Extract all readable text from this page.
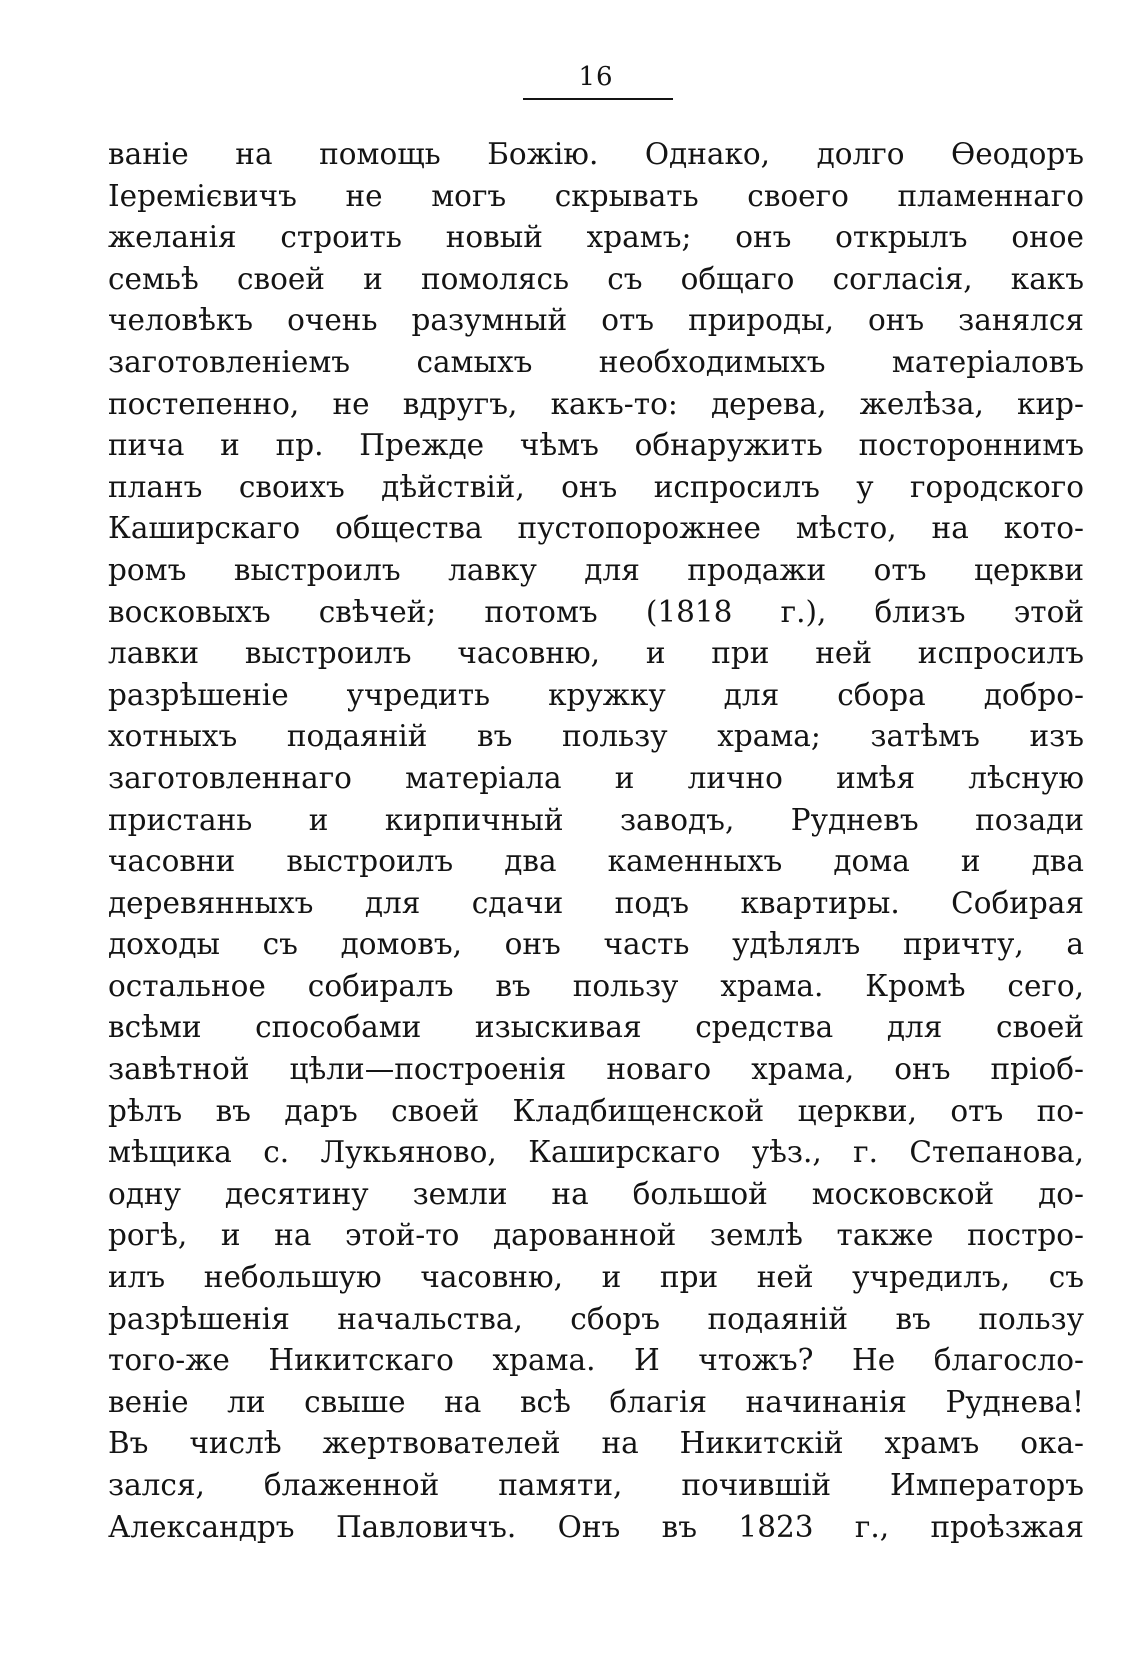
16
ваніе на помощь Божію. Однако, долго Ѳеодоръ
Іеремієвичъ не могъ скрывать своего пламеннаго
желанія строить новый храмъ; онъ открылъ оное
семьѣ своей и помолясь съ общаго согласія, какъ
человѣкъ очень разумный отъ природы, онъ занялся
заготовленіемъ самыхъ необходимыхъ матеріаловъ
постепенно, не вдругъ, какъ-то: дерева, желѣза, кир-
пича и пр. Прежде чѣмъ обнаружить постороннимъ
планъ своихъ дѣйствій, онъ испросилъ у городского
Каширскаго общества пустопорожнее мѣсто, на кото-
ромъ выстроилъ лавку для продажи отъ церкви
восковыхъ свѣчей; потомъ (1818 г.), близъ этой
лавки выстроилъ часовню, и при ней испросилъ
разрѣшеніе учредить кружку для сбора добро-
хотныхъ подаяній въ пользу храма; затѣмъ изъ
заготовленнаго матеріала и лично имѣя лѣсную
пристань и кирпичный заводъ, Рудневъ позади
часовни выстроилъ два каменныхъ дома и два
деревянныхъ для сдачи подъ квартиры. Собирая
доходы съ домовъ, онъ часть удѣлялъ причту, а
остальное собиралъ въ пользу храма. Кромѣ сего,
всѣми способами изыскивая средства для своей
завѣтной цѣли—построенія новаго храма, онъ пріоб-
рѣлъ въ даръ своей Кладбищенской церкви, отъ по-
мѣщика с. Лукьяново, Каширскаго уѣз., г. Степанова,
одну десятину земли на большой московской до-
рогѣ, и на этой-то дарованной землѣ также постро-
илъ небольшую часовню, и при ней учредилъ, съ
разрѣшенія начальства, сборъ подаяній въ пользу
того-же Никитскаго храма. И чтожъ? Не благослo-
веніе ли свыше на всѣ благія начинанія Руднева!
Въ числѣ жертвователей на Никитскій храмъ ока-
зался, блаженной памяти, почившій Императоръ
Александръ Павловичъ. Онъ въ 1823 г., проѣзжая
